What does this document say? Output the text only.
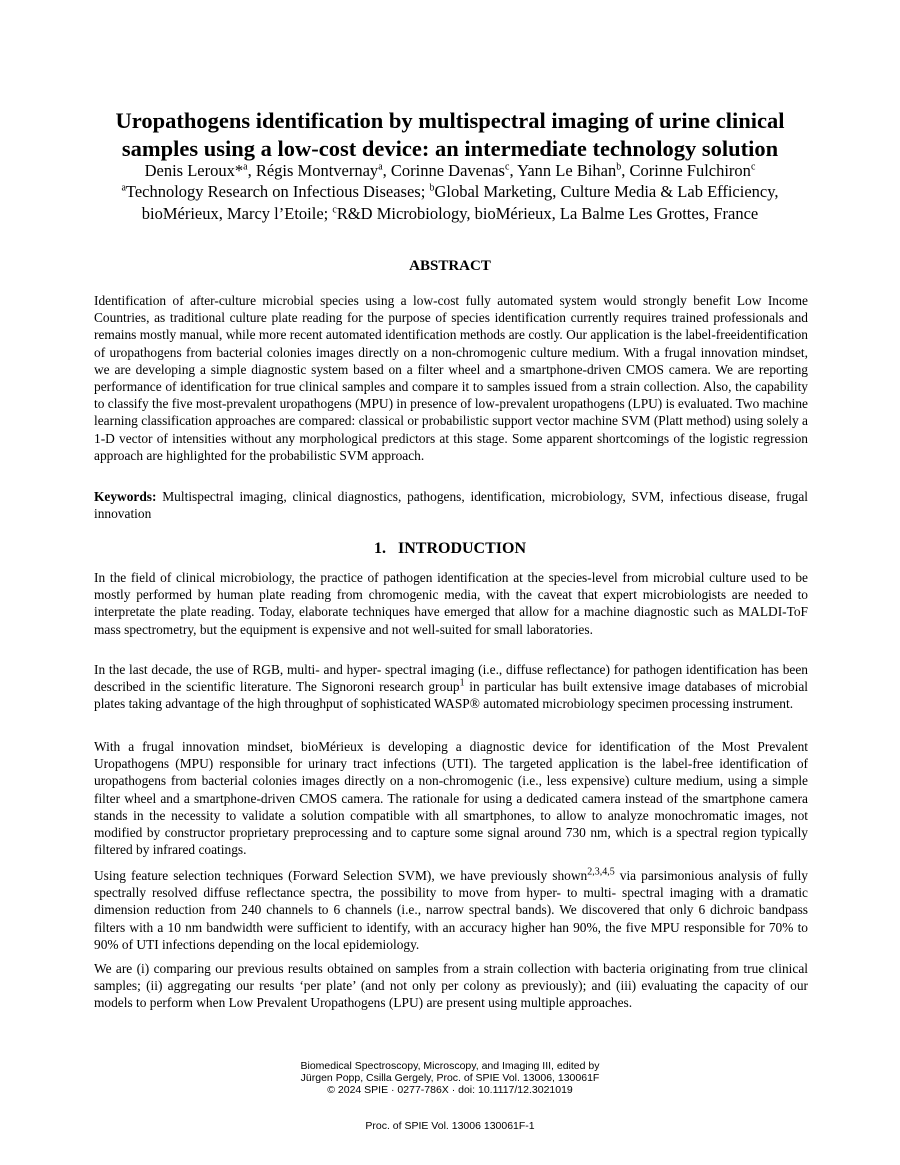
Uropathogens identification by multispectral imaging of urine clinical
samples using a low-cost device: an intermediate technology solution
Denis Leroux*$^a$, Régis Montvernay$^a$, Corinne Davenas$^c$, Yann Le Bihan$^b$, Corinne Fulchiron$^c$
$^a$Technology Research on Infectious Diseases; $^b$Global Marketing, Culture Media & Lab Efficiency,
bioMérieux, Marcy l’Etoile; $^c$R&D Microbiology, bioMérieux, La Balme Les Grottes, France
ABSTRACT

Identification of after-culture microbial species using a low-cost fully automated system would strongly benefit Low Income Countries, as traditional culture plate reading for the purpose of species identification currently requires trained professionals and remains mostly manual, while more recent automated identification methods are costly. Our application is the label-freeidentification of uropathogens from bacterial colonies images directly on a non-chromogenic culture medium. With a frugal innovation mindset, we are developing a simple diagnostic system based on a filter wheel and a smartphone-driven CMOS camera. We are reporting performance of identification for true clinical samples and compare it to samples issued from a strain collection. Also, the capability to classify the five most-prevalent uropathogens (MPU) in presence of low-prevalent uropathogens (LPU) is evaluated. Two machine learning classification approaches are compared: classical or probabilistic support vector machine SVM (Platt method) using solely a 1-D vector of intensities without any morphological predictors at this stage. Some apparent shortcomings of the logistic regression approach are highlighted for the probabilistic SVM approach.

Keywords: Multispectral imaging, clinical diagnostics, pathogens, identification, microbiology, SVM, infectious disease, frugal innovation

1. INTRODUCTION

In the field of clinical microbiology, the practice of pathogen identification at the species-level from microbial culture used to be mostly performed by human plate reading from chromogenic media, with the caveat that expert microbiologists are needed to interpretate the plate reading. Today, elaborate techniques have emerged that allow for a machine diagnostic such as MALDI-ToF mass spectrometry, but the equipment is expensive and not well-suited for small laboratories.

In the last decade, the use of RGB, multi- and hyper- spectral imaging (i.e., diffuse reflectance) for pathogen identification has been described in the scientific literature. The Signoroni research group$^1$ in particular has built extensive image databases of microbial plates taking advantage of the high throughput of sophisticated WASP® automated microbiology specimen processing instrument.

With a frugal innovation mindset, bioMérieux is developing a diagnostic device for identification of the Most Prevalent Uropathogens (MPU) responsible for urinary tract infections (UTI). The targeted application is the label-free identification of uropathogens from bacterial colonies images directly on a non-chromogenic (i.e., less expensive) culture medium, using a simple filter wheel and a smartphone-driven CMOS camera. The rationale for using a dedicated camera instead of the smartphone camera stands in the necessity to validate a solution compatible with all smartphones, to allow to analyze monochromatic images, not modified by constructor proprietary preprocessing and to capture some signal around 730 nm, which is a spectral region typically filtered by infrared coatings.

Using feature selection techniques (Forward Selection SVM), we have previously shown$^{2,3,4,5}$ via parsimonious analysis of fully spectrally resolved diffuse reflectance spectra, the possibility to move from hyper- to multi- spectral imaging with a dramatic dimension reduction from 240 channels to 6 channels (i.e., narrow spectral bands). We discovered that only 6 dichroic bandpass filters with a 10 nm bandwidth were sufficient to identify, with an accuracy higher han 90%, the five MPU responsible for 70% to 90% of UTI infections depending on the local epidemiology.

We are (i) comparing our previous results obtained on samples from a strain collection with bacteria originating from true clinical samples; (ii) aggregating our results ‘per plate’ (and not only per colony as previously); and (iii) evaluating the capacity of our models to perform when Low Prevalent Uropathogens (LPU) are present using multiple approaches.

Biomedical Spectroscopy, Microscopy, and Imaging III, edited by
Jürgen Popp, Csilla Gergely, Proc. of SPIE Vol. 13006, 130061F
© 2024 SPIE · 0277-786X · doi: 10.1117/12.3021019
Proc. of SPIE Vol. 13006 130061F-1
